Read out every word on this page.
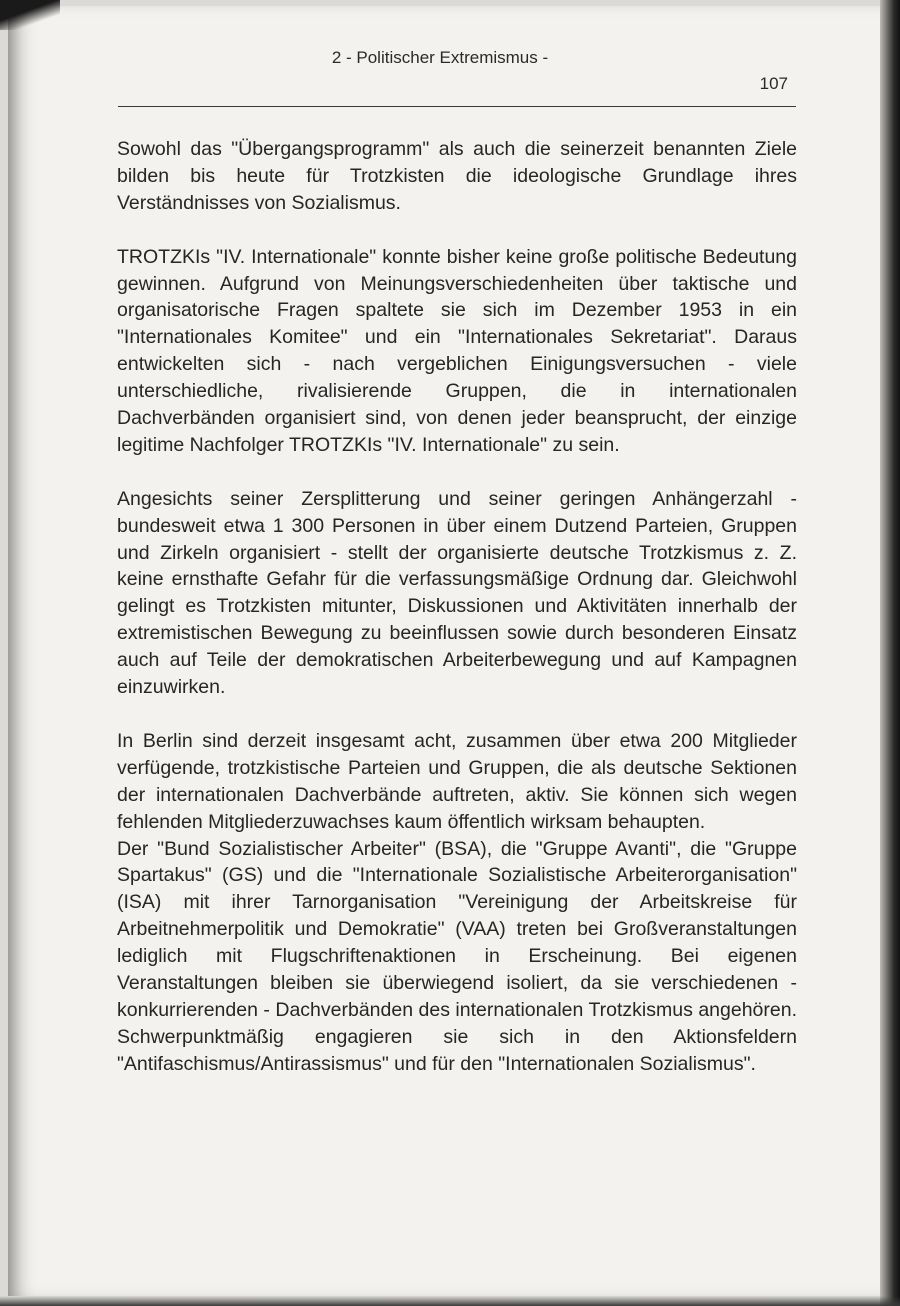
2 - Politischer Extremismus -
107

Sowohl das "Übergangsprogramm" als auch die seinerzeit benannten Ziele bilden bis heute für Trotzkisten die ideologische Grundlage ihres Verständnisses von Sozialismus.

TROTZKIs "IV. Internationale" konnte bisher keine große politische Bedeutung gewinnen. Aufgrund von Meinungsverschiedenheiten über taktische und organisatorische Fragen spaltete sie sich im Dezember 1953 in ein "Internationales Komitee" und ein "Internationales Sekretariat". Daraus entwickelten sich - nach vergeblichen Einigungsversuchen - viele unterschiedliche, rivalisierende Gruppen, die in internationalen Dachverbänden organisiert sind, von denen jeder beansprucht, der einzige legitime Nachfolger TROTZKIs "IV. Internationale" zu sein.

Angesichts seiner Zersplitterung und seiner geringen Anhängerzahl - bundesweit etwa 1 300 Personen in über einem Dutzend Parteien, Gruppen und Zirkeln organisiert - stellt der organisierte deutsche Trotzkismus z. Z. keine ernsthafte Gefahr für die verfassungsmäßige Ordnung dar. Gleichwohl gelingt es Trotzkisten mitunter, Diskussionen und Aktivitäten innerhalb der extremistischen Bewegung zu beeinflussen sowie durch besonderen Einsatz auch auf Teile der demokratischen Arbeiterbewegung und auf Kampagnen einzuwirken.

In Berlin sind derzeit insgesamt acht, zusammen über etwa 200 Mitglieder verfügende, trotzkistische Parteien und Gruppen, die als deutsche Sektionen der internationalen Dachverbände auftreten, aktiv. Sie können sich wegen fehlenden Mitgliederzuwachses kaum öffentlich wirksam behaupten.

Der "Bund Sozialistischer Arbeiter" (BSA), die "Gruppe Avanti", die "Gruppe Spartakus" (GS) und die "Internationale Sozialistische Arbeiterorganisation" (ISA) mit ihrer Tarnorganisation "Vereinigung der Arbeitskreise für Arbeitnehmerpolitik und Demokratie" (VAA) treten bei Großveranstaltungen lediglich mit Flugschriftenaktionen in Erscheinung. Bei eigenen Veranstaltungen bleiben sie überwiegend isoliert, da sie verschiedenen - konkurrierenden - Dachverbänden des internationalen Trotzkismus angehören. Schwerpunktmäßig engagieren sie sich in den Aktionsfeldern "Antifaschismus/Antirassismus" und für den "Internationalen Sozialismus".
